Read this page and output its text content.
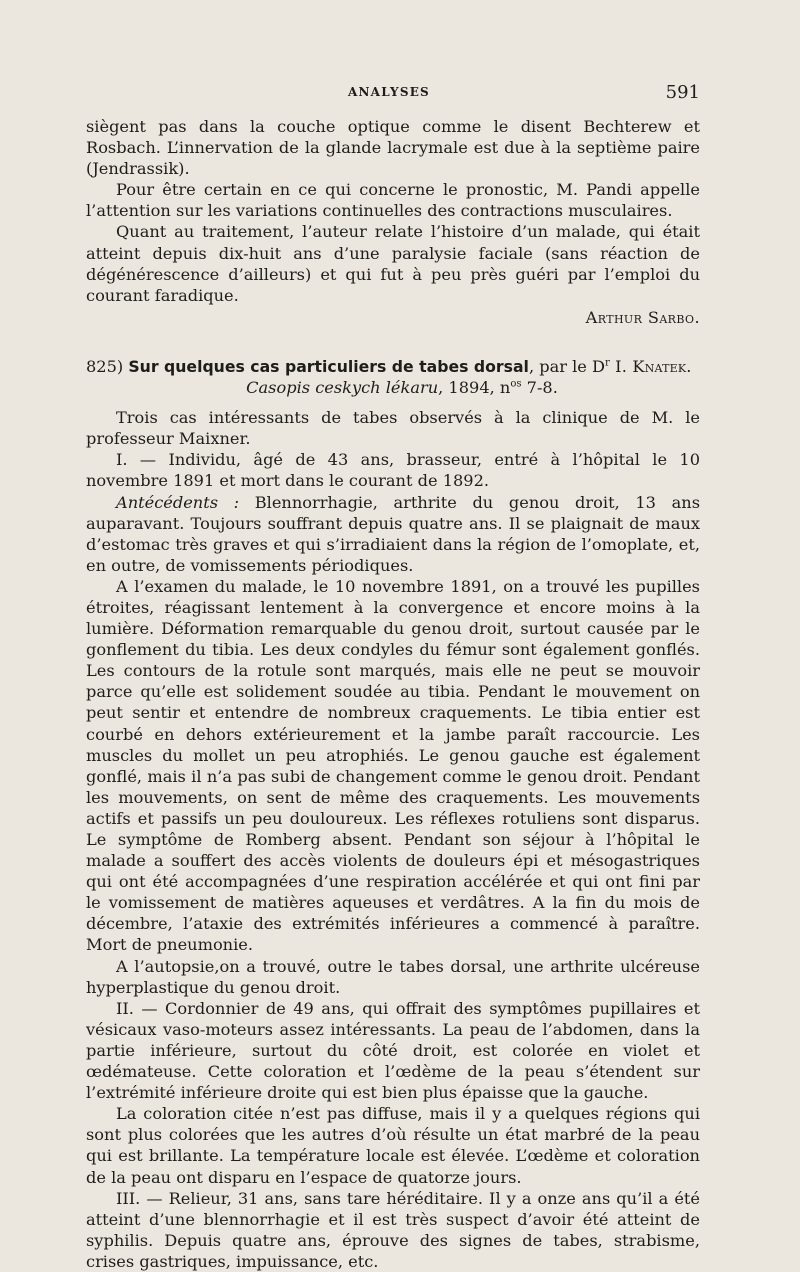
ANALYSES	591

siègent pas dans la couche optique comme le disent Bechterew et Rosbach. L’innervation de la glande lacrymale est due à la septième paire (Jendrassik).

Pour être certain en ce qui concerne le pronostic, M. Pandi appelle l’attention sur les variations continuelles des contractions musculaires.

Quant au traitement, l’auteur relate l’histoire d’un malade, qui était atteint depuis dix-huit ans d’une paralysie faciale (sans réaction de dégénérescence d’ailleurs) et qui fut à peu près guéri par l’emploi du courant faradique.

Arthur Sarbo.

825) Sur quelques cas particuliers de tabes dorsal, par le $D^r$ I. Knatek.

Casopis ceskych lékaru, 1894, $n^{os}$ 7-8.

Trois cas intéressants de tabes observés à la clinique de M. le professeur Maixner.

I. — Individu, âgé de 43 ans, brasseur, entré à l’hôpital le 10 novembre 1891 et mort dans le courant de 1892.

Antécédents : Blennorrhagie, arthrite du genou droit, 13 ans auparavant. Toujours souffrant depuis quatre ans. Il se plaignait de maux d’estomac très graves et qui s’irradiaient dans la région de l’omoplate, et, en outre, de vomissements périodiques.

A l’examen du malade, le 10 novembre 1891, on a trouvé les pupilles étroites, réagissant lentement à la convergence et encore moins à la lumière. Déformation remarquable du genou droit, surtout causée par le gonflement du tibia. Les deux condyles du fémur sont également gonflés. Les contours de la rotule sont marqués, mais elle ne peut se mouvoir parce qu’elle est solidement soudée au tibia. Pendant le mouvement on peut sentir et entendre de nombreux craquements. Le tibia entier est courbé en dehors extérieurement et la jambe paraît raccourcie. Les muscles du mollet un peu atrophiés. Le genou gauche est également gonflé, mais il n’a pas subi de changement comme le genou droit. Pendant les mouvements, on sent de même des craquements. Les mouvements actifs et passifs un peu douloureux. Les réflexes rotuliens sont disparus. Le symptôme de Romberg absent. Pendant son séjour à l’hôpital le malade a souffert des accès violents de douleurs épi et mésogastriques qui ont été accompagnées d’une respiration accélérée et qui ont fini par le vomissement de matières aqueuses et verdâtres. A la fin du mois de décembre, l’ataxie des extrémités inférieures a commencé à paraître. Mort de pneumonie.

A l’autopsie,on a trouvé, outre le tabes dorsal, une arthrite ulcéreuse hyperplastique du genou droit.

II. — Cordonnier de 49 ans, qui offrait des symptômes pupillaires et vésicaux vaso-moteurs assez intéressants. La peau de l’abdomen, dans la partie inférieure, surtout du côté droit, est colorée en violet et œdémateuse. Cette coloration et l’œdème de la peau s’étendent sur l’extrémité inférieure droite qui est bien plus épaisse que la gauche.

La coloration citée n’est pas diffuse, mais il y a quelques régions qui sont plus colorées que les autres d’où résulte un état marbré de la peau qui est brillante. La température locale est élevée. L’œdème et coloration de la peau ont disparu en l’espace de quatorze jours.

III. — Relieur, 31 ans, sans tare héréditaire. Il y a onze ans qu’il a été atteint d’une blennorrhagie et il est très suspect d’avoir été atteint de syphilis. Depuis quatre ans, éprouve des signes de tabes, strabisme, crises gastriques, impuissance, etc.
